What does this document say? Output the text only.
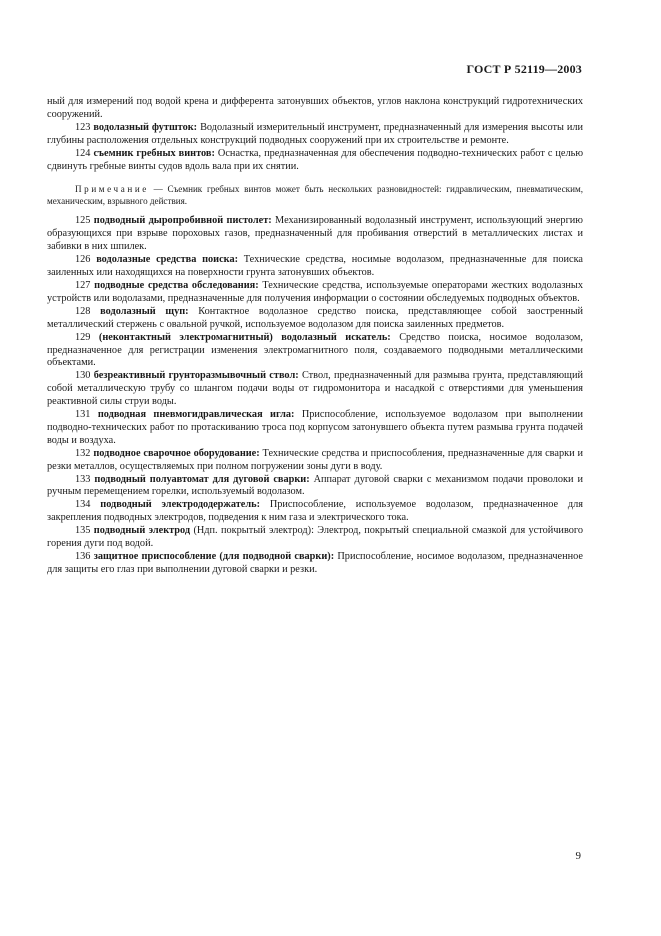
ГОСТ Р 52119—2003

ный для измерений под водой крена и дифферента затонувших объектов, углов наклона конструкций гидротехнических сооружений.

123 водолазный футшток: Водолазный измерительный инструмент, предназначенный для измерения высоты или глубины расположения отдельных конструкций подводных сооружений при их строительстве и ремонте.

124 съемник гребных винтов: Оснастка, предназначенная для обеспечения подводно-технических работ с целью сдвинуть гребные винты судов вдоль вала при их снятии.

Примечание — Съемник гребных винтов может быть нескольких разновидностей: гидравлическим, пневматическим, механическим, взрывного действия.

125 подводный дыропробивной пистолет: Механизированный водолазный инструмент, использующий энергию образующихся при взрыве пороховых газов, предназначенный для пробивания отверстий в металлических листах и забивки в них шпилек.

126 водолазные средства поиска: Технические средства, носимые водолазом, предназначенные для поиска заиленных или находящихся на поверхности грунта затонувших объектов.

127 подводные средства обследования: Технические средства, используемые операторами жестких водолазных устройств или водолазами, предназначенные для получения информации о состоянии обследуемых подводных объектов.

128 водолазный щуп: Контактное водолазное средство поиска, представляющее собой заостренный металлический стержень с овальной ручкой, используемое водолазом для поиска заиленных предметов.

129 (неконтактный электромагнитный) водолазный искатель: Средство поиска, носимое водолазом, предназначенное для регистрации изменения электромагнитного поля, создаваемого подводными металлическими объектами.

130 безреактивный грунторазмывочный ствол: Ствол, предназначенный для размыва грунта, представляющий собой металлическую трубу со шлангом подачи воды от гидромонитора и насадкой с отверстиями для уменьшения реактивной силы струи воды.

131 подводная пневмогидравлическая игла: Приспособление, используемое водолазом при выполнении подводно-технических работ по протаскиванию троса под корпусом затонувшего объекта путем размыва грунта подачей воды и воздуха.

132 подводное сварочное оборудование: Технические средства и приспособления, предназначенные для сварки и резки металлов, осуществляемых при полном погружении зоны дуги в воду.

133 подводный полуавтомат для дуговой сварки: Аппарат дуговой сварки с механизмом подачи проволоки и ручным перемещением горелки, используемый водолазом.

134 подводный электрододержатель: Приспособление, используемое водолазом, предназначенное для закрепления подводных электродов, подведения к ним газа и электрического тока.

135 подводный электрод (Ндп. покрытый электрод): Электрод, покрытый специальной смазкой для устойчивого горения дуги под водой.

136 защитное приспособление (для подводной сварки): Приспособление, носимое водолазом, предназначенное для защиты его глаз при выполнении дуговой сварки и резки.

9
